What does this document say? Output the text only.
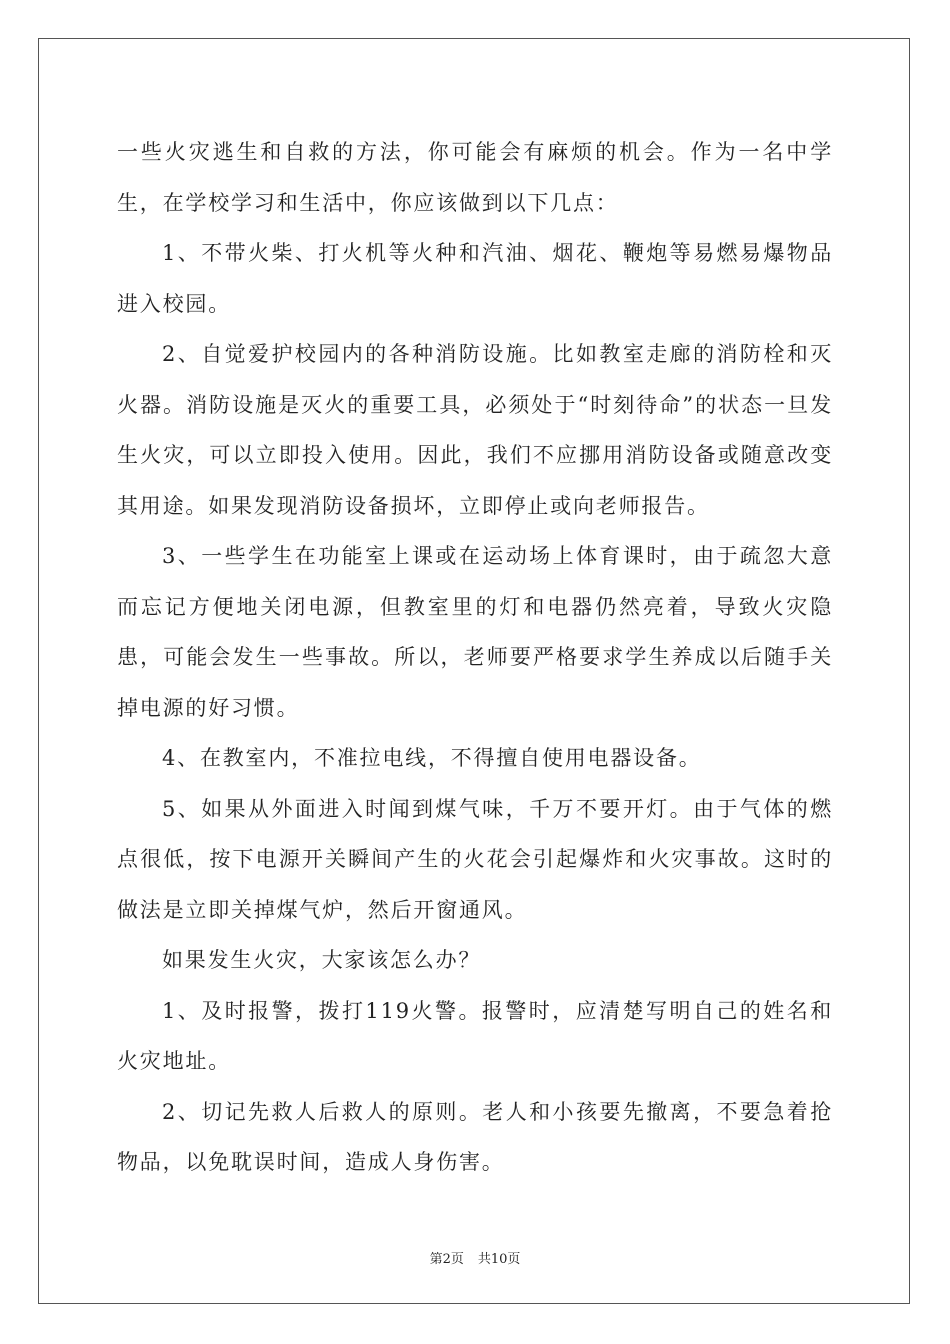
一些火灾逃生和自救的方法，你可能会有麻烦的机会。作为一名中学生，在学校学习和生活中，你应该做到以下几点：

1、不带火柴、打火机等火种和汽油、烟花、鞭炮等易燃易爆物品进入校园。

2、自觉爱护校园内的各种消防设施。比如教室走廊的消防栓和灭火器。消防设施是灭火的重要工具，必须处于“时刻待命”的状态一旦发生火灾，可以立即投入使用。因此，我们不应挪用消防设备或随意改变其用途。如果发现消防设备损坏，立即停止或向老师报告。

3、一些学生在功能室上课或在运动场上体育课时，由于疏忽大意而忘记方便地关闭电源，但教室里的灯和电器仍然亮着，导致火灾隐患，可能会发生一些事故。所以，老师要严格要求学生养成以后随手关掉电源的好习惯。

4、在教室内，不准拉电线，不得擅自使用电器设备。

5、如果从外面进入时闻到煤气味，千万不要开灯。由于气体的燃点很低，按下电源开关瞬间产生的火花会引起爆炸和火灾事故。这时的做法是立即关掉煤气炉，然后开窗通风。

如果发生火灾，大家该怎么办？

1、及时报警，拨打119火警。报警时，应清楚写明自己的姓名和火灾地址。

2、切记先救人后救人的原则。老人和小孩要先撤离，不要急着抢物品，以免耽误时间，造成人身伤害。

第2页 共10页
